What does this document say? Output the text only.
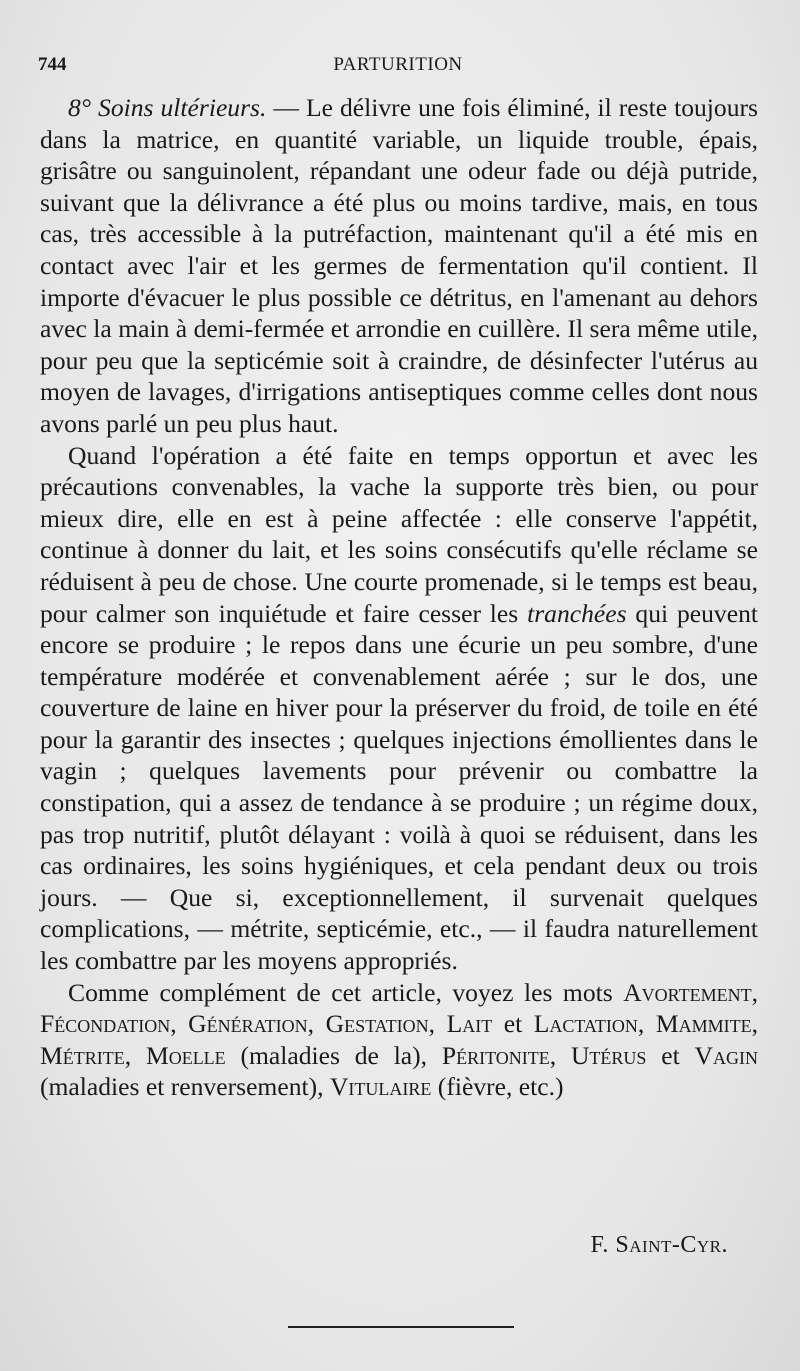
744	PARTURITION

8° Soins ultérieurs. — Le délivre une fois éliminé, il reste toujours dans la matrice, en quantité variable, un liquide trouble, épais, grisâtre ou sanguinolent, répandant une odeur fade ou déjà putride, suivant que la délivrance a été plus ou moins tardive, mais, en tous cas, très accessible à la putréfaction, maintenant qu'il a été mis en contact avec l'air et les germes de fermentation qu'il contient. Il importe d'évacuer le plus possible ce détritus, en l'amenant au dehors avec la main à demi-fermée et arrondie en cuillère. Il sera même utile, pour peu que la septicémie soit à craindre, de désinfecter l'utérus au moyen de lavages, d'irrigations antiseptiques comme celles dont nous avons parlé un peu plus haut.

Quand l'opération a été faite en temps opportun et avec les précautions convenables, la vache la supporte très bien, ou pour mieux dire, elle en est à peine affectée : elle conserve l'appétit, continue à donner du lait, et les soins consécutifs qu'elle réclame se réduisent à peu de chose. Une courte promenade, si le temps est beau, pour calmer son inquiétude et faire cesser les tranchées qui peuvent encore se produire ; le repos dans une écurie un peu sombre, d'une température modérée et convenablement aérée ; sur le dos, une couverture de laine en hiver pour la préserver du froid, de toile en été pour la garantir des insectes ; quelques injections émollientes dans le vagin ; quelques lavements pour prévenir ou combattre la constipation, qui a assez de tendance à se produire ; un régime doux, pas trop nutritif, plutôt délayant : voilà à quoi se réduisent, dans les cas ordinaires, les soins hygiéniques, et cela pendant deux ou trois jours. — Que si, exceptionnellement, il survenait quelques complications, — métrite, septicémie, etc., — il faudra naturellement les combattre par les moyens appropriés.

Comme complément de cet article, voyez les mots Avortement, Fécondation, Génération, Gestation, Lait et Lactation, Mammite, Métrite, Moelle (maladies de la), Péritonite, Utérus et Vagin (maladies et renversement), Vitulaire (fièvre, etc.)

F. Saint-Cyr.
